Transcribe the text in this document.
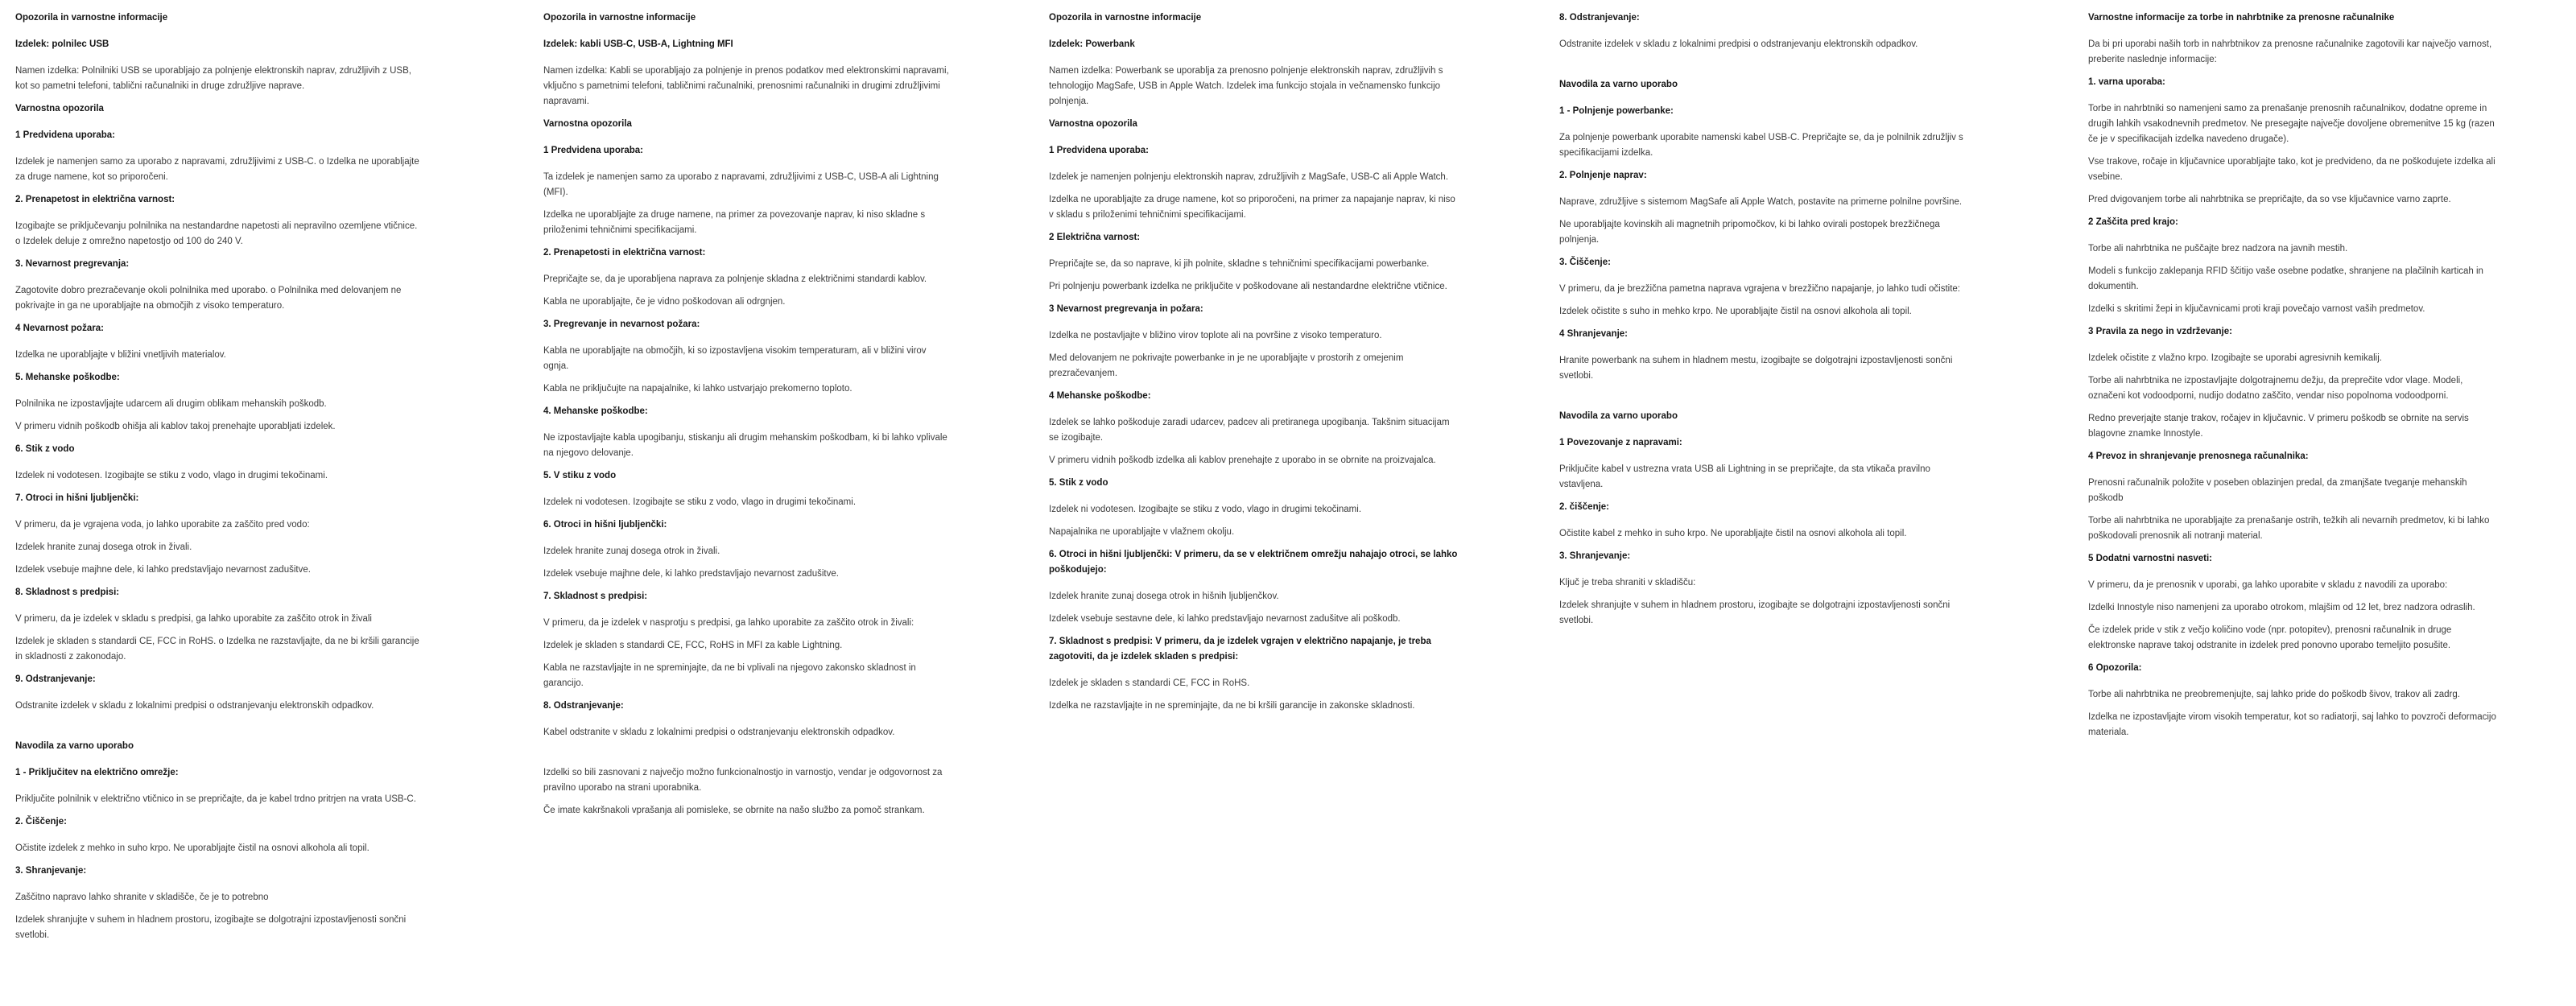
Opozorila in varnostne informacije
Izdelek: polnilec USB

Namen izdelka: Polnilniki USB se uporabljajo za polnjenje elektronskih naprav, združljivih z USB, kot so pametni telefoni, tablični računalniki in druge združljive naprave.

Varnostna opozorila
1 Predvidena uporaba:

Izdelek je namenjen samo za uporabo z napravami, združljivimi z USB-C. o Izdelka ne uporabljajte za druge namene, kot so priporočeni.

2. Prenapetost in električna varnost:

Izogibajte se priključevanju polnilnika na nestandardne napetosti ali nepravilno ozemljene vtičnice. o Izdelek deluje z omrežno napetostjo od 100 do 240 V.

3. Nevarnost pregrevanja:

Zagotovite dobro prezračevanje okoli polnilnika med uporabo. o Polnilnika med delovanjem ne pokrivajte in ga ne uporabljajte na območjih z visoko temperaturo.

4 Nevarnost požara:

Izdelka ne uporabljajte v bližini vnetljivih materialov.

5. Mehanske poškodbe:

Polnilnika ne izpostavljajte udarcem ali drugim oblikam mehanskih poškodb.

V primeru vidnih poškodb ohišja ali kablov takoj prenehajte uporabljati izdelek.

6. Stik z vodo

Izdelek ni vodotesen. Izogibajte se stiku z vodo, vlago in drugimi tekočinami.

7. Otroci in hišni ljubljenčki:

V primeru, da je vgrajena voda, jo lahko uporabite za zaščito pred vodo:

Izdelek hranite zunaj dosega otrok in živali.

Izdelek vsebuje majhne dele, ki lahko predstavljajo nevarnost zadušitve.

8. Skladnost s predpisi:

V primeru, da je izdelek v skladu s predpisi, ga lahko uporabite za zaščito otrok in živali

Izdelek je skladen s standardi CE, FCC in RoHS. o Izdelka ne razstavljajte, da ne bi kršili garancije in skladnosti z zakonodajo.

9. Odstranjevanje:

Odstranite izdelek v skladu z lokalnimi predpisi o odstranjevanju elektronskih odpadkov.

Navodila za varno uporabo
1 - Priključitev na električno omrežje:

Priključite polnilnik v električno vtičnico in se prepričajte, da je kabel trdno pritrjen na vrata USB-C.

2. Čiščenje:

Očistite izdelek z mehko in suho krpo. Ne uporabljajte čistil na osnovi alkohola ali topil.

3. Shranjevanje:

Zaščitno napravo lahko shranite v skladišče, če je to potrebno

Izdelek shranjujte v suhem in hladnem prostoru, izogibajte se dolgotrajni izpostavljenosti sončni svetlobi.

Opozorila in varnostne informacije
Izdelek: kabli USB-C, USB-A, Lightning MFI

Namen izdelka: Kabli se uporabljajo za polnjenje in prenos podatkov med elektronskimi napravami, vključno s pametnimi telefoni, tabličnimi računalniki, prenosnimi računalniki in drugimi združljivimi napravami.

Varnostna opozorila
1 Predvidena uporaba:

Ta izdelek je namenjen samo za uporabo z napravami, združljivimi z USB-C, USB-A ali Lightning (MFI).

Izdelka ne uporabljajte za druge namene, na primer za povezovanje naprav, ki niso skladne s priloženimi tehničnimi specifikacijami.

2. Prenapetosti in električna varnost:

Prepričajte se, da je uporabljena naprava za polnjenje skladna z električnimi standardi kablov.

Kabla ne uporabljajte, če je vidno poškodovan ali odrgnjen.

3. Pregrevanje in nevarnost požara:

Kabla ne uporabljajte na območjih, ki so izpostavljena visokim temperaturam, ali v bližini virov ognja.

Kabla ne priključujte na napajalnike, ki lahko ustvarjajo prekomerno toploto.

4. Mehanske poškodbe:

Ne izpostavljajte kabla upogibanju, stiskanju ali drugim mehanskim poškodbam, ki bi lahko vplivale na njegovo delovanje.

5. V stiku z vodo

Izdelek ni vodotesen. Izogibajte se stiku z vodo, vlago in drugimi tekočinami.

6. Otroci in hišni ljubljenčki:

Izdelek hranite zunaj dosega otrok in živali.

Izdelek vsebuje majhne dele, ki lahko predstavljajo nevarnost zadušitve.

7. Skladnost s predpisi:

V primeru, da je izdelek v nasprotju s predpisi, ga lahko uporabite za zaščito otrok in živali:

Izdelek je skladen s standardi CE, FCC, RoHS in MFI za kable Lightning.

Kabla ne razstavljajte in ne spreminjajte, da ne bi vplivali na njegovo zakonsko skladnost in garancijo.

8. Odstranjevanje:

Kabel odstranite v skladu z lokalnimi predpisi o odstranjevanju elektronskih odpadkov.

Izdelki so bili zasnovani z največjo možno funkcionalnostjo in varnostjo, vendar je odgovornost za pravilno uporabo na strani uporabnika.

Če imate kakršnakoli vprašanja ali pomisleke, se obrnite na našo službo za pomoč strankam.

Opozorila in varnostne informacije
Izdelek: Powerbank

Namen izdelka: Powerbank se uporablja za prenosno polnjenje elektronskih naprav, združljivih s tehnologijo MagSafe, USB in Apple Watch. Izdelek ima funkcijo stojala in večnamensko funkcijo polnjenja.

Varnostna opozorila
1 Predvidena uporaba:

Izdelek je namenjen polnjenju elektronskih naprav, združljivih z MagSafe, USB-C ali Apple Watch.

Izdelka ne uporabljajte za druge namene, kot so priporočeni, na primer za napajanje naprav, ki niso v skladu s priloženimi tehničnimi specifikacijami.

2 Električna varnost:

Prepričajte se, da so naprave, ki jih polnite, skladne s tehničnimi specifikacijami powerbanke.

Pri polnjenju powerbank izdelka ne priključite v poškodovane ali nestandardne električne vtičnice.

3 Nevarnost pregrevanja in požara:

Izdelka ne postavljajte v bližino virov toplote ali na površine z visoko temperaturo.

Med delovanjem ne pokrivajte powerbanke in je ne uporabljajte v prostorih z omejenim prezračevanjem.

4 Mehanske poškodbe:

Izdelek se lahko poškoduje zaradi udarcev, padcev ali pretiranega upogibanja. Takšnim situacijam se izogibajte.

V primeru vidnih poškodb izdelka ali kablov prenehajte z uporabo in se obrnite na proizvajalca.

5. Stik z vodo

Izdelek ni vodotesen. Izogibajte se stiku z vodo, vlago in drugimi tekočinami.

Napajalnika ne uporabljajte v vlažnem okolju.

6. Otroci in hišni ljubljenčki: V primeru, da se v električnem omrežju nahajajo otroci, se lahko poškodujejo:

Izdelek hranite zunaj dosega otrok in hišnih ljubljenčkov.

Izdelek vsebuje sestavne dele, ki lahko predstavljajo nevarnost zadušitve ali poškodb.

7. Skladnost s predpisi: V primeru, da je izdelek vgrajen v električno napajanje, je treba zagotoviti, da je izdelek skladen s predpisi:

Izdelek je skladen s standardi CE, FCC in RoHS.

Izdelka ne razstavljajte in ne spreminjajte, da ne bi kršili garancije in zakonske skladnosti.

8. Odstranjevanje:

Odstranite izdelek v skladu z lokalnimi predpisi o odstranjevanju elektronskih odpadkov.

Navodila za varno uporabo
1 - Polnjenje powerbanke:

Za polnjenje powerbank uporabite namenski kabel USB-C. Prepričajte se, da je polnilnik združljiv s specifikacijami izdelka.

2. Polnjenje naprav:

Naprave, združljive s sistemom MagSafe ali Apple Watch, postavite na primerne polnilne površine.

Ne uporabljajte kovinskih ali magnetnih pripomočkov, ki bi lahko ovirali postopek brezžičnega polnjenja.

3. Čiščenje:

V primeru, da je brezžična pametna naprava vgrajena v brezžično napajanje, jo lahko tudi očistite:

Izdelek očistite s suho in mehko krpo. Ne uporabljajte čistil na osnovi alkohola ali topil.

4 Shranjevanje:

Hranite powerbank na suhem in hladnem mestu, izogibajte se dolgotrajni izpostavljenosti sončni svetlobi.

Navodila za varno uporabo
1 Povezovanje z napravami:

Priključite kabel v ustrezna vrata USB ali Lightning in se prepričajte, da sta vtikača pravilno vstavljena.

2. čiščenje:

Očistite kabel z mehko in suho krpo. Ne uporabljajte čistil na osnovi alkohola ali topil.

3. Shranjevanje:

Ključ je treba shraniti v skladišču:

Izdelek shranjujte v suhem in hladnem prostoru, izogibajte se dolgotrajni izpostavljenosti sončni svetlobi.

Varnostne informacije za torbe in nahrbtnike za prenosne računalnike

Da bi pri uporabi naših torb in nahrbtnikov za prenosne računalnike zagotovili kar največjo varnost, preberite naslednje informacije:

1. varna uporaba:

Torbe in nahrbtniki so namenjeni samo za prenašanje prenosnih računalnikov, dodatne opreme in drugih lahkih vsakodnevnih predmetov. Ne presegajte največje dovoljene obremenitve 15 kg (razen če je v specifikacijah izdelka navedeno drugače).

Vse trakove, ročaje in ključavnice uporabljajte tako, kot je predvideno, da ne poškodujete izdelka ali vsebine.

Pred dvigovanjem torbe ali nahrbtnika se prepričajte, da so vse ključavnice varno zaprte.

2 Zaščita pred krajo:

Torbe ali nahrbtnika ne puščajte brez nadzora na javnih mestih.

Modeli s funkcijo zaklepanja RFID ščitijo vaše osebne podatke, shranjene na plačilnih karticah in dokumentih.

Izdelki s skritimi žepi in ključavnicami proti kraji povečajo varnost vaših predmetov.

3 Pravila za nego in vzdrževanje:

Izdelek očistite z vlažno krpo. Izogibajte se uporabi agresivnih kemikalij.

Torbe ali nahrbtnika ne izpostavljajte dolgotrajnemu dežju, da preprečite vdor vlage. Modeli, označeni kot vodoodporni, nudijo dodatno zaščito, vendar niso popolnoma vodoodporni.

Redno preverjajte stanje trakov, ročajev in ključavnic. V primeru poškodb se obrnite na servis blagovne znamke Innostyle.

4 Prevoz in shranjevanje prenosnega računalnika:

Prenosni računalnik položite v poseben oblazinjen predal, da zmanjšate tveganje mehanskih poškodb

Torbe ali nahrbtnika ne uporabljajte za prenašanje ostrih, težkih ali nevarnih predmetov, ki bi lahko poškodovali prenosnik ali notranji material.

5 Dodatni varnostni nasveti:

V primeru, da je prenosnik v uporabi, ga lahko uporabite v skladu z navodili za uporabo:

Izdelki Innostyle niso namenjeni za uporabo otrokom, mlajšim od 12 let, brez nadzora odraslih.

Če izdelek pride v stik z večjo količino vode (npr. potopitev), prenosni računalnik in druge elektronske naprave takoj odstranite in izdelek pred ponovno uporabo temeljito posušite.

6 Opozorila:

Torbe ali nahrbtnika ne preobremenjujte, saj lahko pride do poškodb šivov, trakov ali zadrg.

Izdelka ne izpostavljajte virom visokih temperatur, kot so radiatorji, saj lahko to povzroči deformacijo materiala.
